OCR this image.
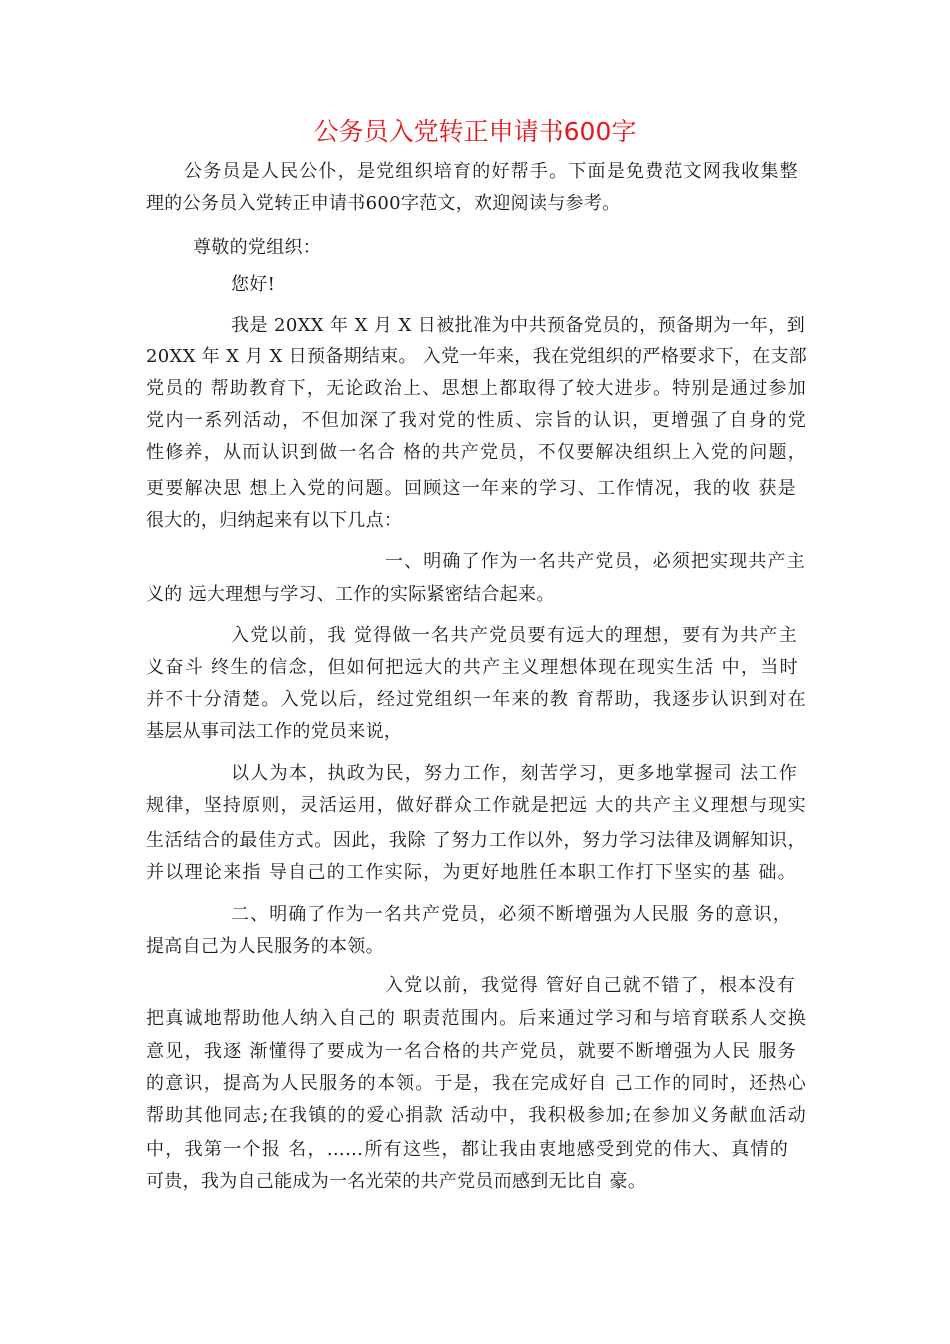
公务员入党转正申请书600字
公务员是人民公仆，是党组织培育的好帮手。下面是免费范文网我收集整
理的公务员入党转正申请书600字范文，欢迎阅读与参考。
尊敬的党组织：
您好!
我是 20XX 年 X 月 X 日被批准为中共预备党员的，预备期为一年，到
20XX 年 X 月 X 日预备期结束。 入党一年来，我在党组织的严格要求下，在支部
党员的 帮助教育下，无论政治上、思想上都取得了较大进步。特别是通过参加
党内一系列活动，不但加深了我对党的性质、宗旨的认识，更增强了自身的党
性修养，从而认识到做一名合 格的共产党员，不仅要解决组织上入党的问题，
更要解决思 想上入党的问题。回顾这一年来的学习、工作情况，我的收 获是
很大的，归纳起来有以下几点：
一、明确了作为一名共产党员，必须把实现共产主
义的 远大理想与学习、工作的实际紧密结合起来。
入党以前，我 觉得做一名共产党员要有远大的理想，要有为共产主
义奋斗 终生的信念，但如何把远大的共产主义理想体现在现实生活 中，当时
并不十分清楚。入党以后，经过党组织一年来的教 育帮助，我逐步认识到对在
基层从事司法工作的党员来说，
以人为本，执政为民，努力工作，刻苦学习，更多地掌握司 法工作
规律，坚持原则，灵活运用，做好群众工作就是把远 大的共产主义理想与现实
生活结合的最佳方式。因此，我除 了努力工作以外，努力学习法律及调解知识，
并以理论来指 导自己的工作实际，为更好地胜任本职工作打下坚实的基 础。
二、明确了作为一名共产党员，必须不断增强为人民服 务的意识，
提高自己为人民服务的本领。
入党以前，我觉得 管好自己就不错了，根本没有
把真诚地帮助他人纳入自己的 职责范围内。后来通过学习和与培育联系人交换
意见，我逐 渐懂得了要成为一名合格的共产党员，就要不断增强为人民 服务
的意识，提高为人民服务的本领。于是，我在完成好自 己工作的同时，还热心
帮助其他同志;在我镇的的爱心捐款 活动中，我积极参加;在参加义务献血活动
中，我第一个报 名，……所有这些，都让我由衷地感受到党的伟大、真情的
可贵，我为自己能成为一名光荣的共产党员而感到无比自 豪。
